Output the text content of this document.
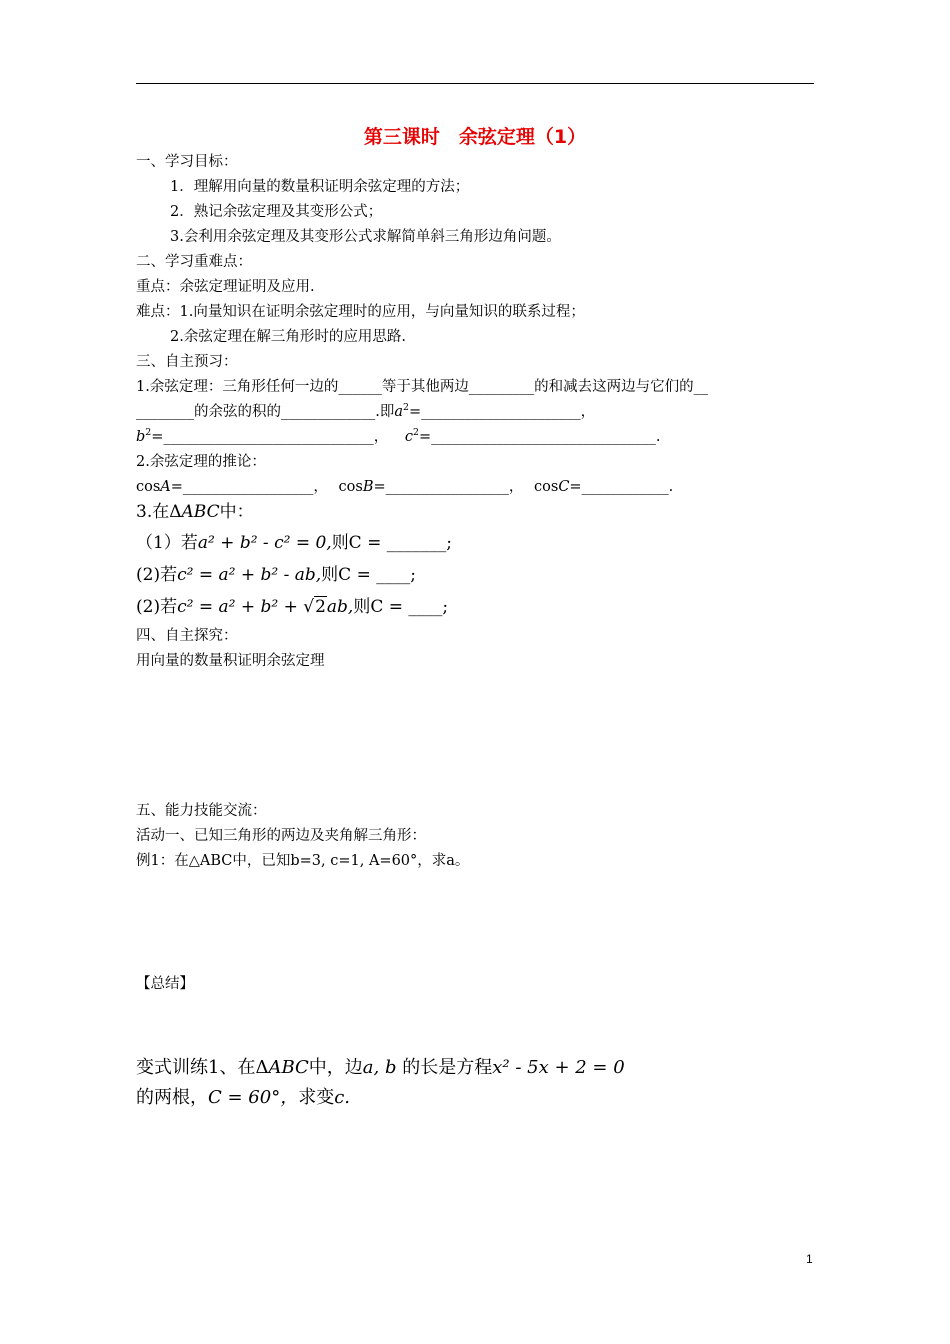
第三课时　余弦定理（1）
一、学习目标：
1．理解用向量的数量积证明余弦定理的方法；
2．熟记余弦定理及其变形公式；
3.会利用余弦定理及其变形公式求解简单斜三角形边角问题。
二、学习重难点：
重点：余弦定理证明及应用.
难点：1.向量知识在证明余弦定理时的应用，与向量知识的联系过程；
2.余弦定理在解三角形时的应用思路.
三、自主预习：
1.余弦定理：三角形任何一边的______等于其他两边_________的和减去这两边与它们的__
________的余弦的积的_____________.即$a^2=\_\_\_\_\_\_\_\_\_\_\_\_\_\_\_\_\_\_\_\_\_\_$，
$b^2=\_\_\_\_\_\_\_\_\_\_\_\_\_\_\_\_\_\_\_\_\_\_\_\_\_\_\_\_\_$， $c^2=\_\_\_\_\_\_\_\_\_\_\_\_\_\_\_\_\_\_\_\_\_\_\_\_\_\_\_\_\_\_\_$.
2.余弦定理的推论：
cosA=__________________， cosB=_________________， cosC=____________.
3.在ΔABC中：
（1）若a² + b² - c² = 0,则C = _______;
(2)若c² = a² + b² - ab,则C = ____;
(2)若c² = a² + b² + √2ab,则C = ____;
四、自主探究：
用向量的数量积证明余弦定理
五、能力技能交流：
活动一、已知三角形的两边及夹角解三角形：
例1：在△ABC中，已知b=3, c=1, A=60°，求a。
【总结】
变式训练1、在ΔABC中，边a, b 的长是方程x² - 5x + 2 = 0
的两根，C = 60°，求变c.
1
